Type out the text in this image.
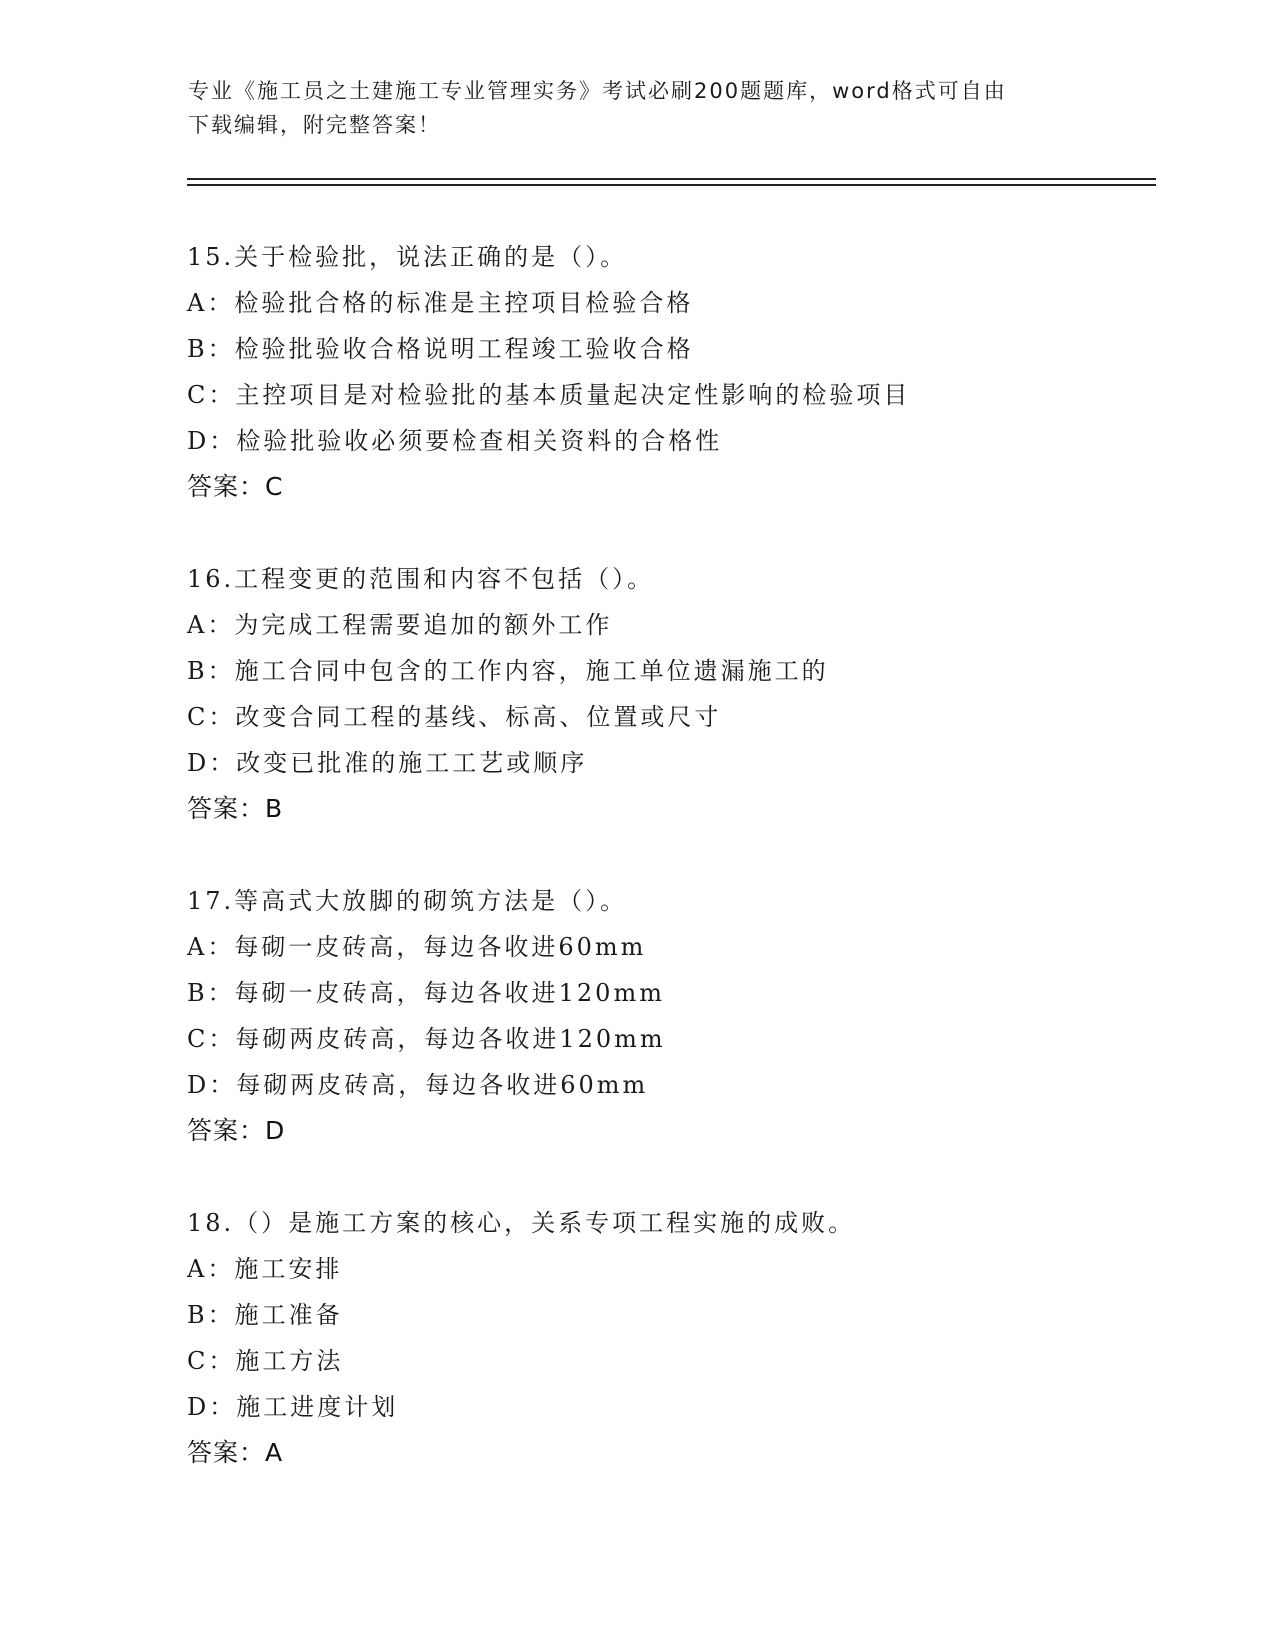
专业《施工员之土建施工专业管理实务》考试必刷200题题库，word格式可自由
下载编辑，附完整答案！
15.关于检验批，说法正确的是（）。
A：检验批合格的标准是主控项目检验合格
B：检验批验收合格说明工程竣工验收合格
C：主控项目是对检验批的基本质量起决定性影响的检验项目
D：检验批验收必须要检查相关资料的合格性
答案：C
16.工程变更的范围和内容不包括（）。
A：为完成工程需要追加的额外工作
B：施工合同中包含的工作内容，施工单位遗漏施工的
C：改变合同工程的基线、标高、位置或尺寸
D：改变已批准的施工工艺或顺序
答案：B
17.等高式大放脚的砌筑方法是（）。
A：每砌一皮砖高，每边各收进60mm
B：每砌一皮砖高，每边各收进120mm
C：每砌两皮砖高，每边各收进120mm
D：每砌两皮砖高，每边各收进60mm
答案：D
18.（）是施工方案的核心，关系专项工程实施的成败。
A：施工安排
B：施工准备
C：施工方法
D：施工进度计划
答案：A
